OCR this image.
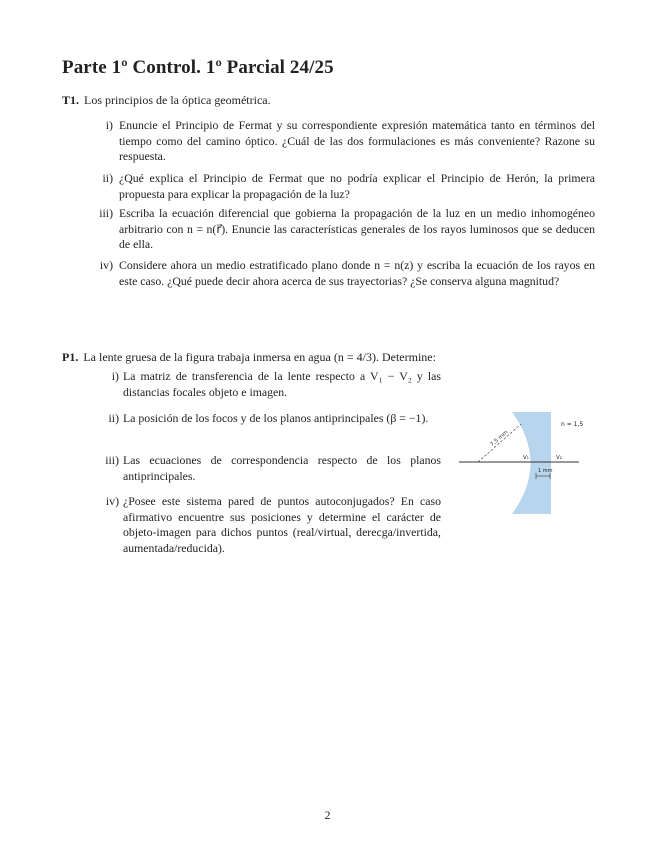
Parte 1º Control. 1º Parcial 24/25
T1. Los principios de la óptica geométrica.
i) Enuncie el Principio de Fermat y su correspondiente expresión matemática tanto en términos del tiempo como del camino óptico. ¿Cuál de las dos formulaciones es más conveniente? Razone su respuesta.
ii) ¿Qué explica el Principio de Fermat que no podría explicar el Principio de Herón, la primera propuesta para explicar la propagación de la luz?
iii) Escriba la ecuación diferencial que gobierna la propagación de la luz en un medio inhomogéneo arbitrario con n = n(r⃗). Enuncie las características generales de los rayos luminosos que se deducen de ella.
iv) Considere ahora un medio estratificado plano donde n = n(z) y escriba la ecuación de los rayos en este caso. ¿Qué puede decir ahora acerca de sus trayectorias? ¿Se conserva alguna magnitud?
P1. La lente gruesa de la figura trabaja inmersa en agua (n = 4/3). Determine:
i) La matriz de transferencia de la lente respecto a V₁ − V₂ y las distancias focales objeto e imagen.
ii) La posición de los focos y de los planos antiprincipales (β = −1).
iii) Las ecuaciones de correspondencia respecto de los planos antiprincipales.
iv) ¿Posee este sistema pared de puntos autoconjugados? En caso afirmativo encuentre sus posiciones y determine el carácter de objeto-imagen para dichos puntos (real/virtual, derecga/invertida, aumentada/reducida).
7,5 mm
n = 1,5
V₁	V₂
1 mm
2
